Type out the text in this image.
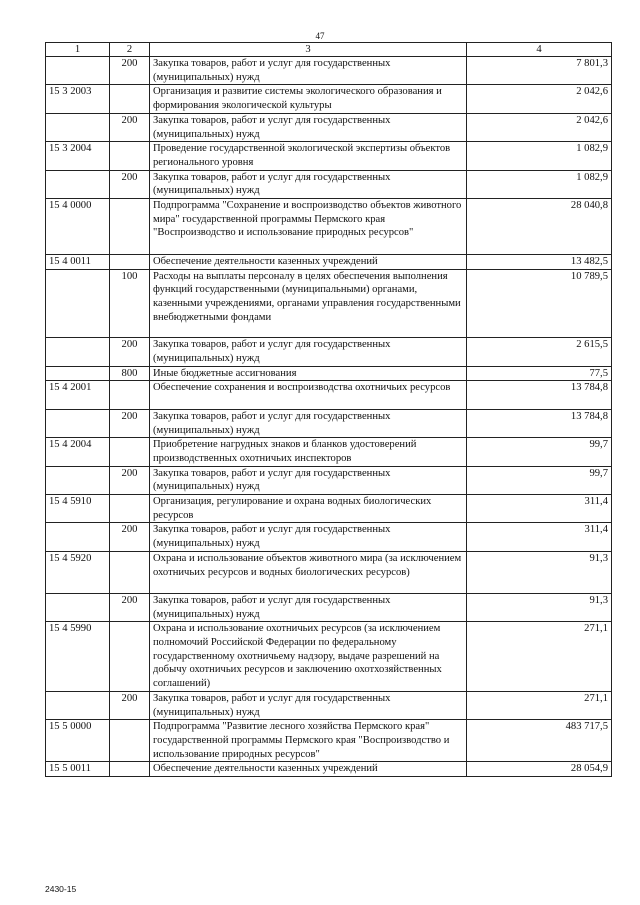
47
1	2	3	4
	200	Закупка товаров, работ и услуг для государственных (муниципальных) нужд	7 801,3
15 3 2003		Организация и развитие системы экологического образования и формирования экологической культуры	2 042,6
	200	Закупка товаров, работ и услуг для государственных (муниципальных) нужд	2 042,6
15 3 2004		Проведение государственной экологической экспертизы объектов регионального уровня	1 082,9
	200	Закупка товаров, работ и услуг для государственных (муниципальных) нужд	1 082,9
15 4 0000		Подпрограмма "Сохранение и воспроизводство объектов животного мира" государственной программы Пермского края "Воспроизводство и использование природных ресурсов"	28 040,8
15 4 0011		Обеспечение деятельности казенных учреждений	13 482,5
	100	Расходы на выплаты персоналу в целях обеспечения выполнения функций государственными (муниципальными) органами, казенными учреждениями, органами управления государственными внебюджетными фондами	10 789,5
	200	Закупка товаров, работ и услуг для государственных (муниципальных) нужд	2 615,5
	800	Иные бюджетные ассигнования	77,5
15 4 2001		Обеспечение сохранения и воспроизводства охотничьих ресурсов	13 784,8
	200	Закупка товаров, работ и услуг для государственных (муниципальных) нужд	13 784,8
15 4 2004		Приобретение нагрудных знаков и бланков удостоверений производственных охотничьих инспекторов	99,7
	200	Закупка товаров, работ и услуг для государственных (муниципальных) нужд	99,7
15 4 5910		Организация, регулирование и охрана водных биологических ресурсов	311,4
	200	Закупка товаров, работ и услуг для государственных (муниципальных) нужд	311,4
15 4 5920		Охрана и использование объектов животного мира (за исключением охотничьих ресурсов и водных биологических ресурсов)	91,3
	200	Закупка товаров, работ и услуг для государственных (муниципальных) нужд	91,3
15 4 5990		Охрана и использование охотничьих ресурсов (за исключением полномочий Российской Федерации по федеральному государственному охотничьему надзору, выдаче разрешений на добычу охотничьих ресурсов и заключению охотхозяйственных соглашений)	271,1
	200	Закупка товаров, работ и услуг для государственных (муниципальных) нужд	271,1
15 5 0000		Подпрограмма "Развитие лесного хозяйства Пермского края" государственной программы Пермского края "Воспроизводство и использование природных ресурсов"	483 717,5
15 5 0011		Обеспечение деятельности казенных учреждений	28 054,9
2430-15
